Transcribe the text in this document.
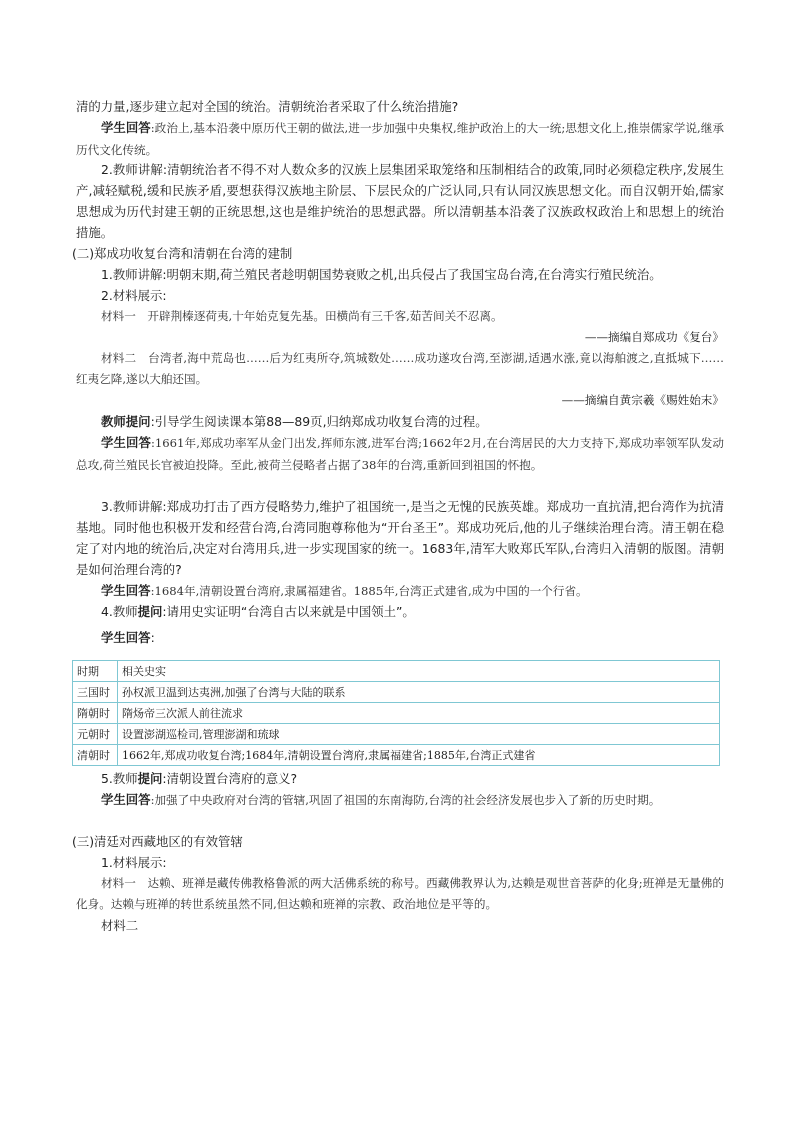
清的力量,逐步建立起对全国的统治。清朝统治者采取了什么统治措施?

学生回答:政治上,基本沿袭中原历代王朝的做法,进一步加强中央集权,维护政治上的大一统;思想文化上,推崇儒家学说,继承历代文化传统。

2.教师讲解:清朝统治者不得不对人数众多的汉族上层集团采取笼络和压制相结合的政策,同时必须稳定秩序,发展生产,减轻赋税,缓和民族矛盾,要想获得汉族地主阶层、下层民众的广泛认同,只有认同汉族思想文化。而自汉朝开始,儒家思想成为历代封建王朝的正统思想,这也是维护统治的思想武器。所以清朝基本沿袭了汉族政权政治上和思想上的统治措施。

(二)郑成功收复台湾和清朝在台湾的建制

1.教师讲解:明朝末期,荷兰殖民者趁明朝国势衰败之机,出兵侵占了我国宝岛台湾,在台湾实行殖民统治。

2.材料展示:

材料一　开辟荆榛逐荷夷,十年始克复先基。田横尚有三千客,茹苦间关不忍离。

——摘编自郑成功《复台》

材料二　台湾者,海中荒岛也……后为红夷所夺,筑城数处……成功遂攻台湾,至澎湖,适遇水涨,竟以海舶渡之,直抵城下……红夷乞降,遂以大舶还国。

——摘编自黄宗羲《赐姓始末》

教师提问:引导学生阅读课本第88—89页,归纳郑成功收复台湾的过程。

学生回答:1661年,郑成功率军从金门出发,挥师东渡,进军台湾;1662年2月,在台湾居民的大力支持下,郑成功率领军队发动总攻,荷兰殖民长官被迫投降。至此,被荷兰侵略者占据了38年的台湾,重新回到祖国的怀抱。

3.教师讲解:郑成功打击了西方侵略势力,维护了祖国统一,是当之无愧的民族英雄。郑成功一直抗清,把台湾作为抗清基地。同时他也积极开发和经营台湾,台湾同胞尊称他为“开台圣王”。郑成功死后,他的儿子继续治理台湾。清王朝在稳定了对内地的统治后,决定对台湾用兵,进一步实现国家的统一。1683年,清军大败郑氏军队,台湾归入清朝的版图。清朝是如何治理台湾的?

学生回答:1684年,清朝设置台湾府,隶属福建省。1885年,台湾正式建省,成为中国的一个行省。

4.教师提问:请用史实证明“台湾自古以来就是中国领土”。

学生回答:

时期	相关史实
三国时	孙权派卫温到达夷洲,加强了台湾与大陆的联系
隋朝时	隋炀帝三次派人前往流求
元朝时	设置澎湖巡检司,管理澎湖和琉球
清朝时	1662年,郑成功收复台湾;1684年,清朝设置台湾府,隶属福建省;1885年,台湾正式建省

5.教师提问:清朝设置台湾府的意义?

学生回答:加强了中央政府对台湾的管辖,巩固了祖国的东南海防,台湾的社会经济发展也步入了新的历史时期。

(三)清廷对西藏地区的有效管辖

1.材料展示:

材料一　达赖、班禅是藏传佛教格鲁派的两大活佛系统的称号。西藏佛教界认为,达赖是观世音菩萨的化身;班禅是无量佛的化身。达赖与班禅的转世系统虽然不同,但达赖和班禅的宗教、政治地位是平等的。

材料二
